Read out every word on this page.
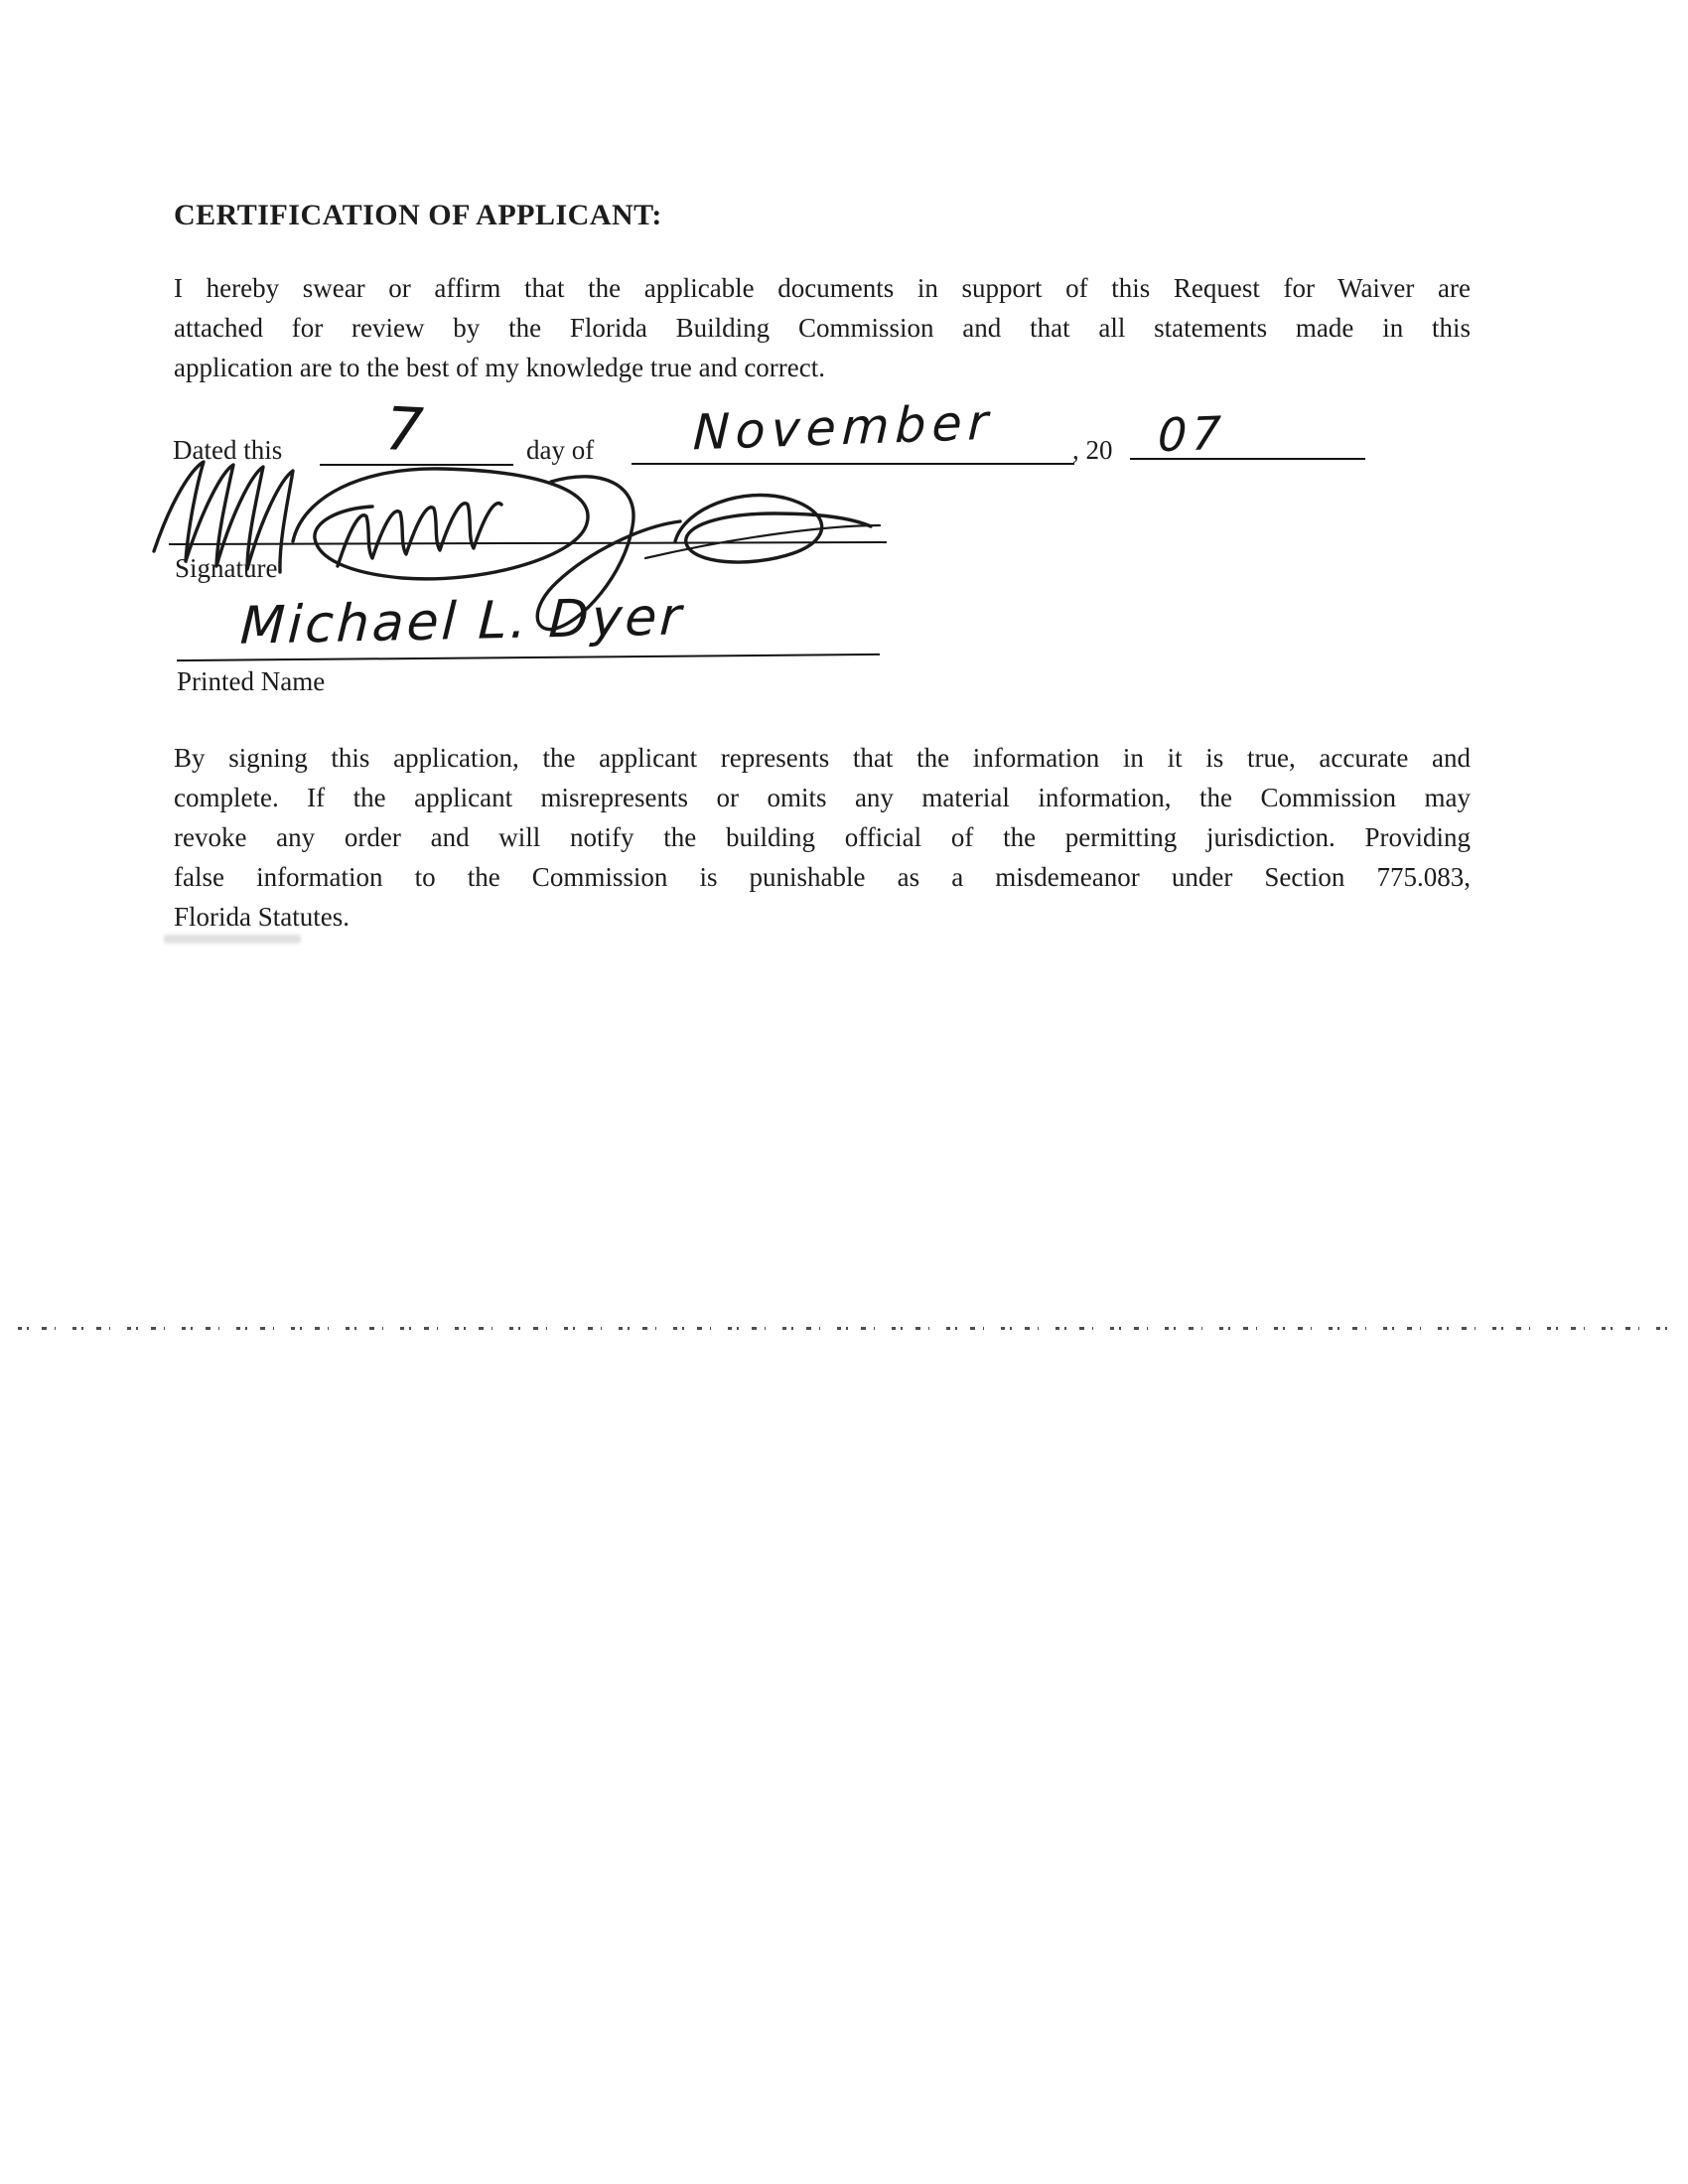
CERTIFICATION OF APPLICANT:
I hereby swear or affirm that the applicable documents in support of this Request for Waiver are
attached for review by the Florida Building Commission and that all statements made in this
application are to the best of my knowledge true and correct.
Dated this 7	day of November	, 20 07
Signature
Michael L. Dyer
Printed Name
By signing this application, the applicant represents that the information in it is true, accurate and
complete. If the applicant misrepresents or omits any material information, the Commission may
revoke any order and will notify the building official of the permitting jurisdiction. Providing
false information to the Commission is punishable as a misdemeanor under Section 775.083,
Florida Statutes.
